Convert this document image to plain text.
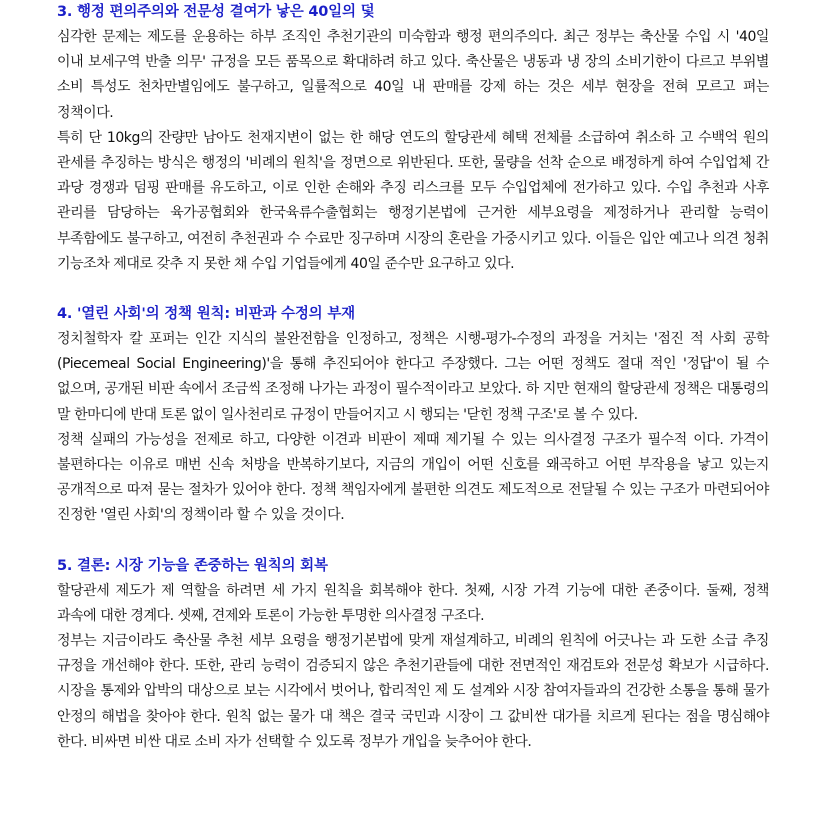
3. 행정 편의주의와 전문성 결여가 낳은 40일의 덫

심각한 문제는 제도를 운용하는 하부 조직인 추천기관의 미숙함과 행정 편의주의다. 최근 정부는 축산물 수입 시 '40일 이내 보세구역 반출 의무' 규정을 모든 품목으로 확대하려 하고 있다. 축산물은 냉동과 냉 장의 소비기한이 다르고 부위별 소비 특성도 천차만별임에도 불구하고, 일률적으로 40일 내 판매를 강제 하는 것은 세부 현장을 전혀 모르고 펴는 정책이다.

특히 단 10kg의 잔량만 남아도 천재지변이 없는 한 해당 연도의 할당관세 혜택 전체를 소급하여 취소하 고 수백억 원의 관세를 추징하는 방식은 행정의 '비례의 원칙'을 정면으로 위반된다. 또한, 물량을 선착 순으로 배정하게 하여 수입업체 간 과당 경쟁과 덤핑 판매를 유도하고, 이로 인한 손해와 추징 리스크를 모두 수입업체에 전가하고 있다. 수입 추천과 사후 관리를 담당하는 육가공협회와 한국육류수출협회는 행정기본법에 근거한 세부요령을 제정하거나 관리할 능력이 부족함에도 불구하고, 여전히 추천권과 수 수료만 징구하며 시장의 혼란을 가중시키고 있다. 이들은 입안 예고나 의견 청취 기능조차 제대로 갖추 지 못한 채 수입 기업들에게 40일 준수만 요구하고 있다.

4. '열린 사회'의 정책 원칙: 비판과 수정의 부재

정치철학자 칼 포퍼는 인간 지식의 불완전함을 인정하고, 정책은 시행-평가-수정의 과정을 거치는 '점진 적 사회 공학(Piecemeal Social Engineering)'을 통해 추진되어야 한다고 주장했다. 그는 어떤 정책도 절대 적인 '정답'이 될 수 없으며, 공개된 비판 속에서 조금씩 조정해 나가는 과정이 필수적이라고 보았다. 하 지만 현재의 할당관세 정책은 대통령의 말 한마디에 반대 토론 없이 일사천리로 규정이 만들어지고 시 행되는 '닫힌 정책 구조'로 볼 수 있다.

정책 실패의 가능성을 전제로 하고, 다양한 이견과 비판이 제때 제기될 수 있는 의사결정 구조가 필수적 이다. 가격이 불편하다는 이유로 매번 신속 처방을 반복하기보다, 지금의 개입이 어떤 신호를 왜곡하고 어떤 부작용을 낳고 있는지 공개적으로 따져 묻는 절차가 있어야 한다. 정책 책임자에게 불편한 의견도 제도적으로 전달될 수 있는 구조가 마련되어야 진정한 '열린 사회'의 정책이라 할 수 있을 것이다.

5. 결론: 시장 기능을 존중하는 원칙의 회복

할당관세 제도가 제 역할을 하려면 세 가지 원칙을 회복해야 한다. 첫째, 시장 가격 기능에 대한 존중이다. 둘째, 정책 과속에 대한 경계다. 셋째, 견제와 토론이 가능한 투명한 의사결정 구조다.

정부는 지금이라도 축산물 추천 세부 요령을 행정기본법에 맞게 재설계하고, 비례의 원칙에 어긋나는 과 도한 소급 추징 규정을 개선해야 한다. 또한, 관리 능력이 검증되지 않은 추천기관들에 대한 전면적인 재검토와 전문성 확보가 시급하다. 시장을 통제와 압박의 대상으로 보는 시각에서 벗어나, 합리적인 제 도 설계와 시장 참여자들과의 건강한 소통을 통해 물가 안정의 해법을 찾아야 한다. 원칙 없는 물가 대 책은 결국 국민과 시장이 그 값비싼 대가를 치르게 된다는 점을 명심해야 한다. 비싸면 비싼 대로 소비 자가 선택할 수 있도록 정부가 개입을 늦추어야 한다.
